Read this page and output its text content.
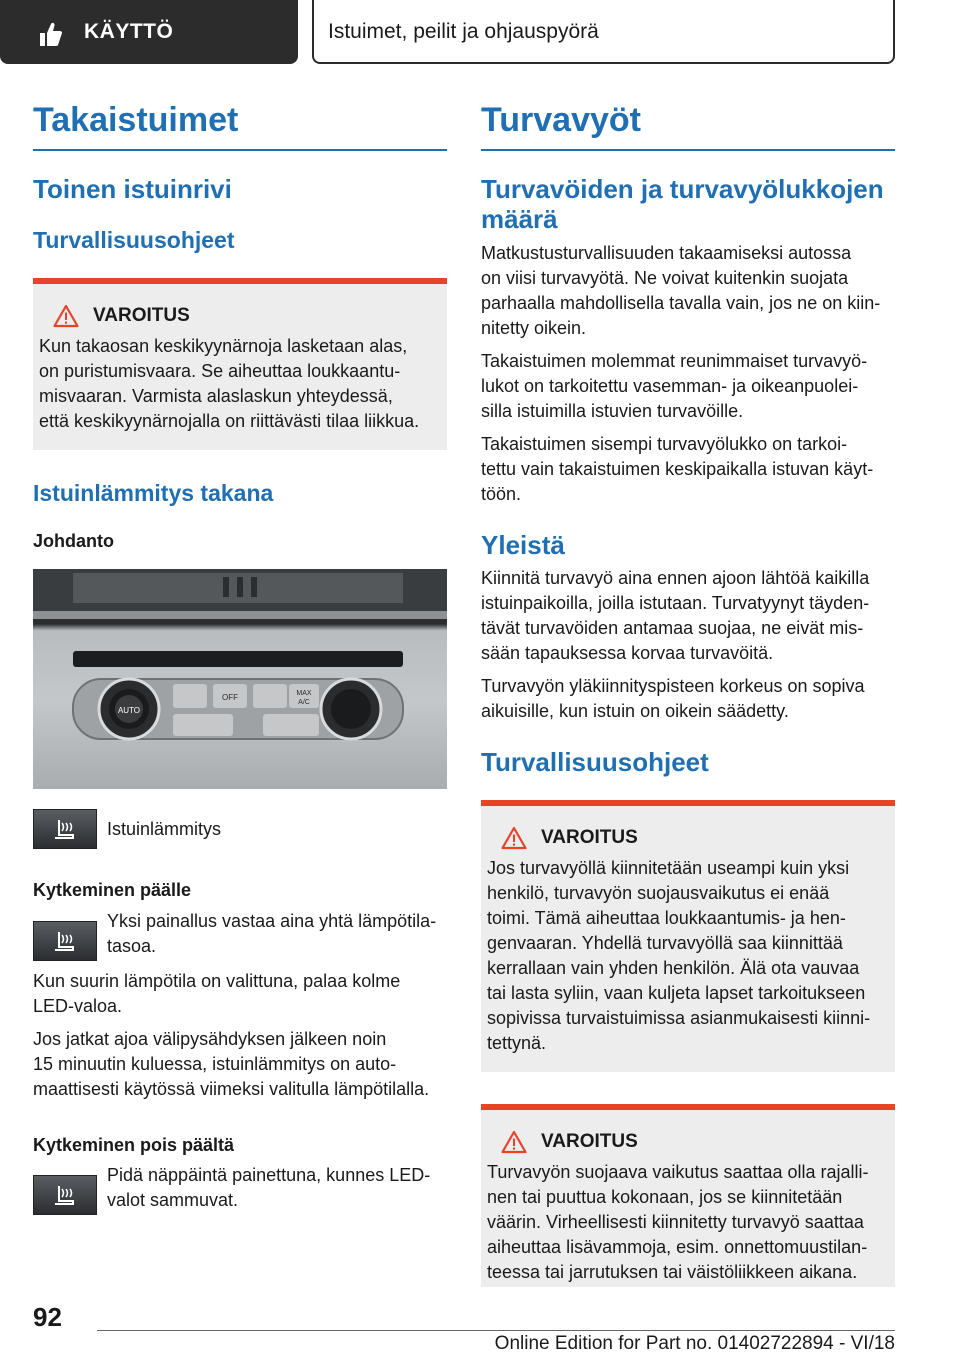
KÄYTTÖ	Istuimet, peilit ja ohjauspyörä
Takaistuimet
Toinen istuinrivi
Turvallisuusohjeet
VAROITUS

Kun takaosan keskikyynärnoja lasketaan alas,

on puristumisvaara. Se aiheuttaa loukkaantu-

misvaaran. Varmista alaslaskun yhteydessä,

että keskikyynärnojalla on riittävästi tilaa liikkua.

Istuinlämmitys takana
Johdanto
AUTO
OFF	MAX
A/C

Istuinlämmitys

Kytkeminen päälle

Yksi painallus vastaa aina yhtä lämpötila-

tasoa.

Kun suurin lämpötila on valittuna, palaa kolme

LED-valoa.

Jos jatkat ajoa välipysähdyksen jälkeen noin

15 minuutin kuluessa, istuinlämmitys on auto-

maattisesti käytössä viimeksi valitulla lämpötilalla.

Kytkeminen pois päältä

Pidä näppäintä painettuna, kunnes LED-

valot sammuvat.

Turvavyöt
Turvavöiden ja turvavyölukkojen
määrä

Matkustusturvallisuuden takaamiseksi autossa

on viisi turvavyötä. Ne voivat kuitenkin suojata

parhaalla mahdollisella tavalla vain, jos ne on kiin-

nitetty oikein.

Takaistuimen molemmat reunimmaiset turvavyö-

lukot on tarkoitettu vasemman- ja oikeanpuolei-

silla istuimilla istuvien turvavöille.

Takaistuimen sisempi turvavyölukko on tarkoi-

tettu vain takaistuimen keskipaikalla istuvan käyt-

töön.

Yleistä

Kiinnitä turvavyö aina ennen ajoon lähtöä kaikilla

istuinpaikoilla, joilla istutaan. Turvatyynyt täyden-

tävät turvavöiden antamaa suojaa, ne eivät mis-

sään tapauksessa korvaa turvavöitä.

Turvavyön yläkiinnityspisteen korkeus on sopiva

aikuisille, kun istuin on oikein säädetty.

Turvallisuusohjeet
VAROITUS

Jos turvavyöllä kiinnitetään useampi kuin yksi

henkilö, turvavyön suojausvaikutus ei enää

toimi. Tämä aiheuttaa loukkaantumis- ja hen-

genvaaran. Yhdellä turvavyöllä saa kiinnittää

kerrallaan vain yhden henkilön. Älä ota vauvaa

tai lasta syliin, vaan kuljeta lapset tarkoitukseen

sopivissa turvaistuimissa asianmukaisesti kiinni-

tettynä.

VAROITUS

Turvavyön suojaava vaikutus saattaa olla rajalli-

nen tai puuttua kokonaan, jos se kiinnitetään

väärin. Virheellisesti kiinnitetty turvavyö saattaa

aiheuttaa lisävammoja, esim. onnettomuustilan-

teessa tai jarrutuksen tai väistöliikkeen aikana.

92
Online Edition for Part no. 01402722894 - VI/18
